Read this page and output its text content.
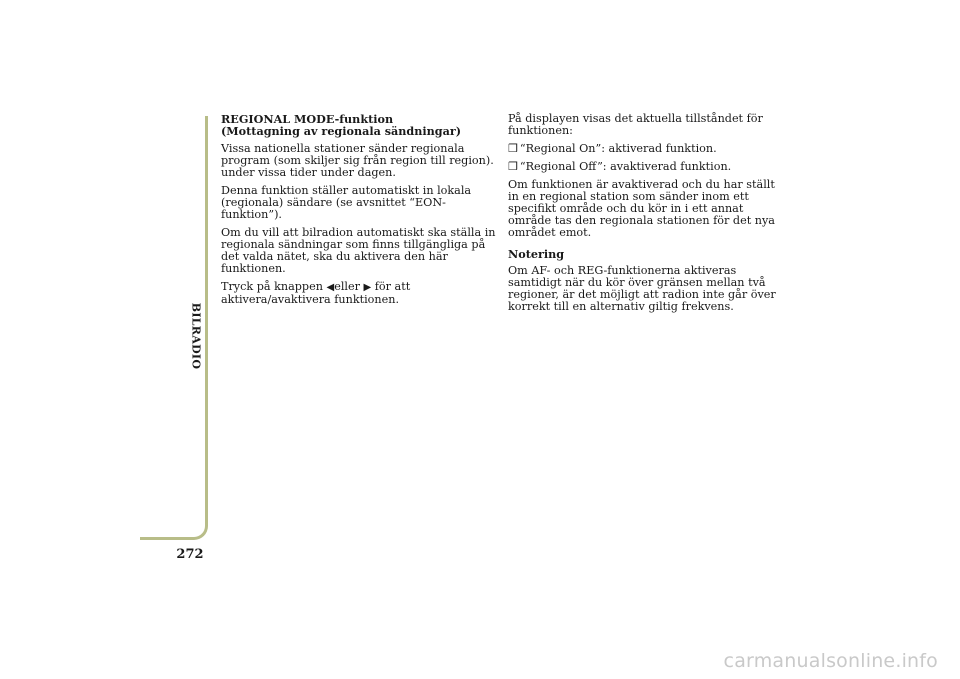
BILRADIO
272
REGIONAL MODE-funktion
(Mottagning av regionala sändningar)

Vissa nationella stationer sänder regionala program (som skiljer sig från region till region). under vissa tider under dagen.

Denna funktion ställer automatiskt in lokala (regionala) sändare (se avsnittet “EON-funktion”).

Om du vill att bilradion automatiskt ska ställa in regionala sändningar som finns tillgängliga på det valda nätet, ska du aktivera den här funktionen.

Tryck på knappen ◀eller ▶ för att aktivera/avaktivera funktionen.

På displayen visas det aktuella tillståndet för funktionen:

❒ “Regional On”: aktiverad funktion.

❒ “Regional Off”: avaktiverad funktion.

Om funktionen är avaktiverad och du har ställt in en regional station som sänder inom ett specifikt område och du kör in i ett annat område tas den regionala stationen för det nya området emot.

Notering

Om AF- och REG-funktionerna aktiveras samtidigt när du kör över gränsen mellan två regioner, är det möjligt att radion inte går över korrekt till en alternativ giltig frekvens.

carmanualsonline.info
